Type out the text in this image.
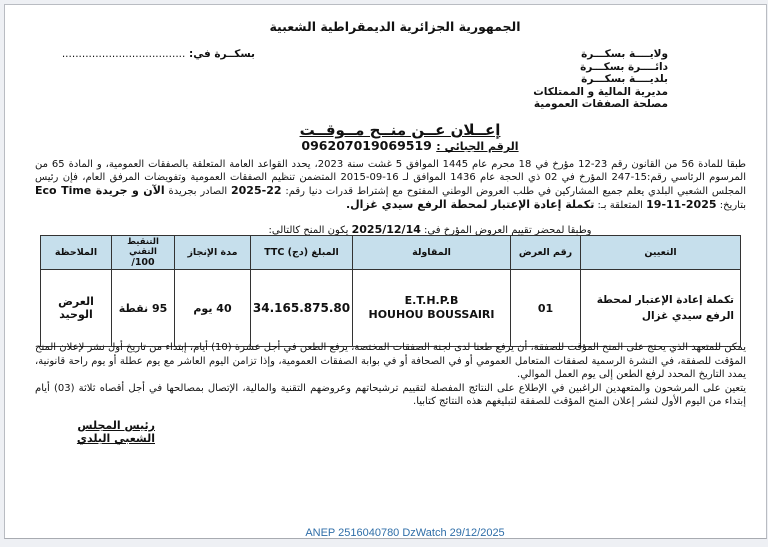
الجمهورية الجزائرية الديمقراطية الشعبية
ولايــــة بسكـــرة
دائــــرة بسكـــرة
بلديــــة بسكـــرة
مديرية المالية و الممتلكات
مصلحة الصفقات العمومية
بسكــرة في: .....................................
إعــلان عــن منــح مــوقــت
الرقم الجبائي : 096207019069519
طبقا للمادة 56 من القانون رقم 23-12 مؤرخ في 18 محرم عام 1445 الموافق 5 غشت سنة 2023، يحدد القواعد العامة المتعلقة بالصفقات العمومية، و المادة 65 من المرسوم الرئاسي رقم:15-247 المؤرخ في 02 ذي الحجة عام 1436 الموافق لـ 16-09-2015 المتضمن تنظيم الصفقات العمومية وتفويضات المرفق العام، فإن رئيس المجلس الشعبي البلدي يعلم جميع المشاركين في طلب العروض الوطني المفتوح مع إشتراط قدرات دنيا رقم: 22-2025 الصادر بجريدة الآن و جريدة Eco Time بتاريخ: 2025-11-19 المتعلقة بـ: تكملة إعادة الإعتبار لمحطة الرفع سيدي غزال.
وطبقا لمحضر تقييم العروض المؤرخ في: 2025/12/14 يكون المنح كالتالي:
التعيين	رقم العرض	المقاولة	المبلغ (دج) TTC	مدة الإنجاز	التنقيط التقني
/100	الملاحظة
تكملة إعادة الإعتبار لمحطة الرفع سيدي غزال	01	E.T.H.P.B
HOUHOU BOUSSAIRI	34.165.875.80	40 يوم	95 نقطة	العرض الوحيد
يمكن للمتعهد الذي يحتج على المنح المؤقت للصفقة، أن يرفع طعنا لدى لجنة الصفقات المختصة، يرفع الطعن في أجل عشرة (10) أيام، إبتداء من تاريخ أول نشر لإعلان المنح المؤقت للصفقة، في النشرة الرسمية لصفقات المتعامل العمومي أو في الصحافة أو في بوابة الصفقات العمومية، وإذا تزامن اليوم العاشر مع يوم عطلة أو يوم راحة قانونية، يمدد التاريخ المحدد لرفع الطعن إلى يوم العمل الموالي.
يتعين على المرشحون والمتعهدين الراغبين في الإطلاع على النتائج المفصلة لتقييم ترشيحاتهم وعروضهم التقنية والمالية، الإتصال بمصالحها في أجل أقصاه ثلاثة (03) أيام إبتداء من اليوم الأول لنشر إعلان المنح المؤقت للصفقة لتبليغهم هذه النتائج كتابيا.
رئيس المجلس الشعبي البلدي
ANEP 2516040780 DzWatch 29/12/2025
